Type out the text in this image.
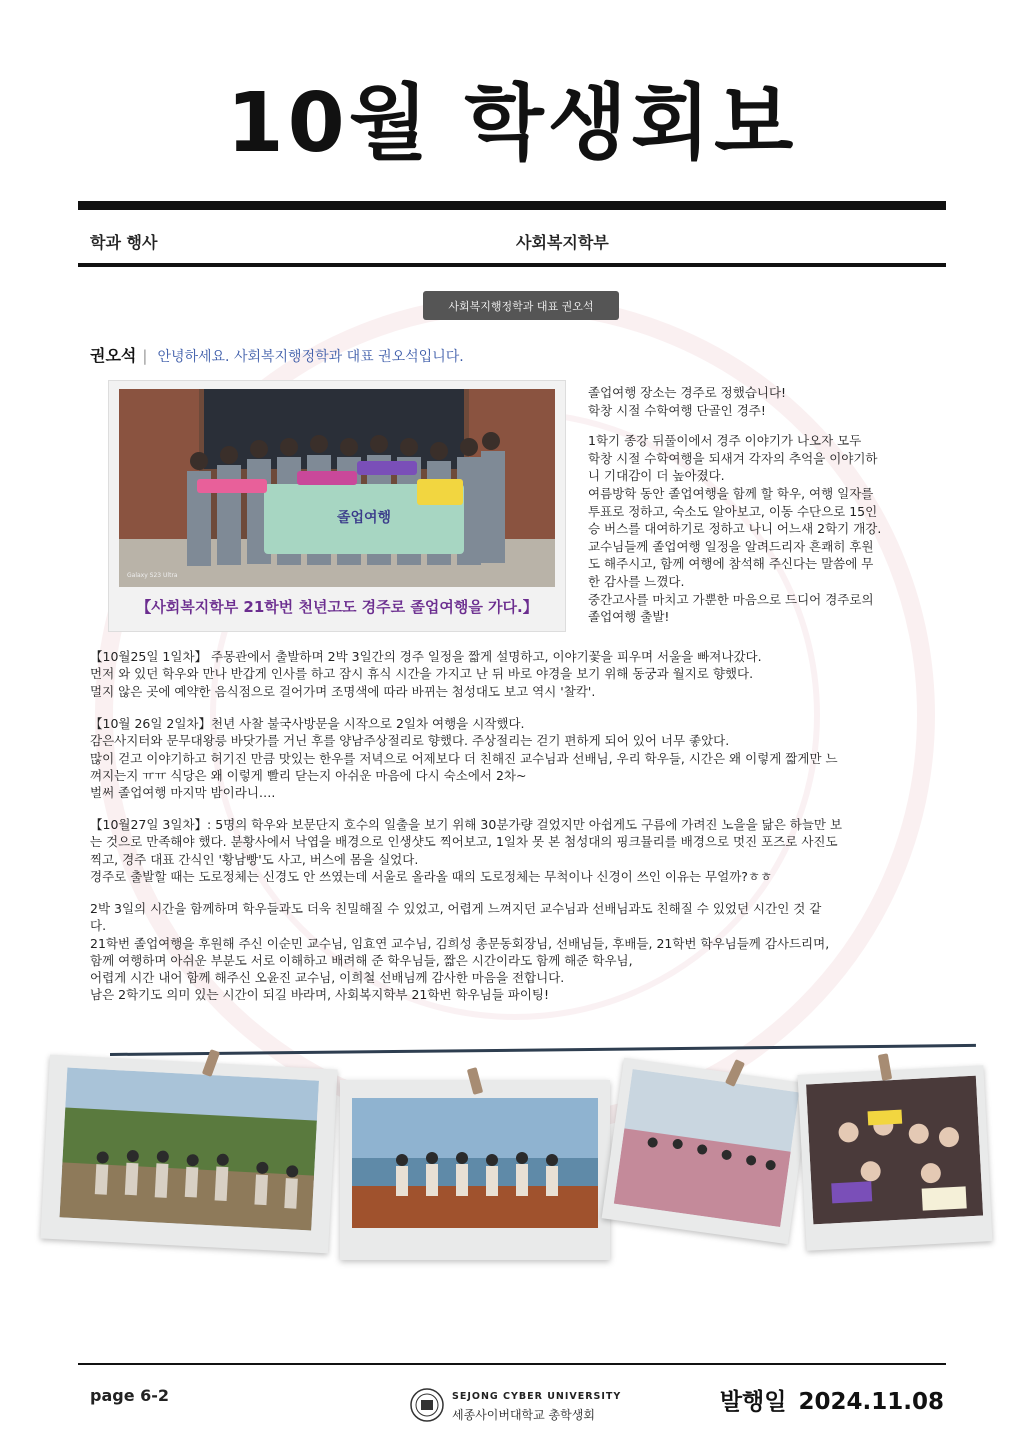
10월 학생회보
학과 행사	사회복지학부
사회복지행정학과 대표 권오석
권오석 | 안녕하세요. 사회복지행정학과 대표 권오석입니다.
졸업여행
Galaxy S23 Ultra
【사회복지학부 21학번 천년고도 경주로 졸업여행을 가다.】

졸업여행 장소는 경주로 정했습니다!
학창 시절 수학여행 단골인 경주!

1학기 종강 뒤풀이에서 경주 이야기가 나오자 모두
학창 시절 수학여행을 되새겨 각자의 추억을 이야기하
니 기대감이 더 높아졌다.
여름방학 동안 졸업여행을 함께 할 학우, 여행 일자를
투표로 정하고, 숙소도 알아보고, 이동 수단으로 15인
승 버스를 대여하기로 정하고 나니 어느새 2학기 개강.
교수님들께 졸업여행 일정을 알려드리자 흔쾌히 후원
도 해주시고, 함께 여행에 참석해 주신다는 말씀에 무
한 감사를 느꼈다.
중간고사를 마치고 가뿐한 마음으로 드디어 경주로의
졸업여행 출발!

【10월25일 1일차】 주몽관에서 출발하며 2박 3일간의 경주 일정을 짧게 설명하고, 이야기꽃을 피우며 서울을 빠져나갔다.

먼저 와 있던 학우와 만나 반갑게 인사를 하고 잠시 휴식 시간을 가지고 난 뒤 바로 야경을 보기 위해 동궁과 월지로 향했다.

멀지 않은 곳에 예약한 음식점으로 걸어가며 조명색에 따라 바뀌는 첨성대도 보고 역시 '찰칵'.

【10월 26일 2일차】천년 사찰 불국사방문을 시작으로 2일차 여행을 시작했다.

감은사지터와 문무대왕릉 바닷가를 거닌 후를 양남주상절리로 향했다. 주상절리는 걷기 편하게 되어 있어 너무 좋았다.

많이 걷고 이야기하고 허기진 만큼 맛있는 한우를 저녁으로 어제보다 더 친해진 교수님과 선배님, 우리 학우들, 시간은 왜 이렇게 짧게만 느

껴지는지 ㅠㅠ 식당은 왜 이렇게 빨리 닫는지 아쉬운 마음에 다시 숙소에서 2차~

벌써 졸업여행 마지막 밤이라니….

【10월27일 3일차】: 5명의 학우와 보문단지 호수의 일출을 보기 위해 30분가량 걸었지만 아쉽게도 구름에 가려진 노을을 닮은 하늘만 보

는 것으로 만족해야 했다. 분황사에서 낙엽을 배경으로 인생샷도 찍어보고, 1일차 못 본 첨성대의 핑크뮬리를 배경으로 멋진 포즈로 사진도

찍고, 경주 대표 간식인 '황남빵'도 사고, 버스에 몸을 실었다.

경주로 출발할 때는 도로정체는 신경도 안 쓰였는데 서울로 올라올 때의 도로정체는 무척이나 신경이 쓰인 이유는 무얼까?ㅎㅎ

2박 3일의 시간을 함께하며 학우들과도 더욱 친밀해질 수 있었고, 어렵게 느껴지던 교수님과 선배님과도 친해질 수 있었던 시간인 것 같

다.

21학번 졸업여행을 후원해 주신 이순민 교수님, 임효연 교수님, 김희성 총문동회장님, 선배님들, 후배들, 21학번 학우님들께 감사드리며,

함께 여행하며 아쉬운 부분도 서로 이해하고 배려해 준 학우님들, 짧은 시간이라도 함께 해준 학우님,

어렵게 시간 내어 함께 해주신 오윤진 교수님, 이희철 선배님께 감사한 마음을 전합니다.

남은 2학기도 의미 있는 시간이 되길 바라며, 사회복지학부 21학번 학우님들 파이팅!

page 6-2	SEJONG CYBER UNIVERSITY
세종사이버대학교 총학생회	발행일 2024.11.08
